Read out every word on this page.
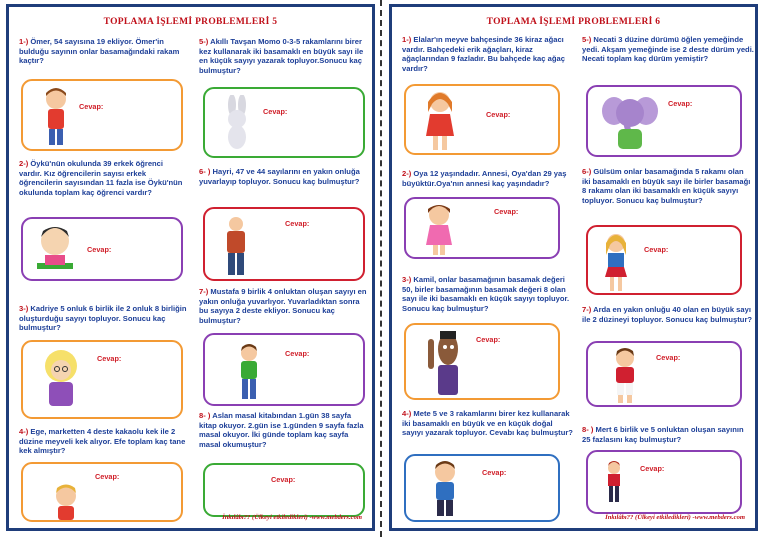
TOPLAMA İŞLEMİ PROBLEMLERİ 5
1-) Ömer, 54 sayısına 19 ekliyor. Ömer'in bulduğu sayının onlar basamağındaki rakam kaçtır?
Cevap:
2-) Öykü'nün okulunda 39 erkek öğrenci vardır. Kız öğrencilerin sayısı erkek öğrencilerin sayısından 11 fazla ise Öykü'nün okulunda toplam kaç öğrenci vardır?
Cevap:
3-) Kadriye 5 onluk 6 birlik ile 2 onluk 8 birliğin oluşturduğu sayıyı topluyor. Sonucu kaç bulmuştur?
Cevap:
4-) Ege, marketten 4 deste kakaolu kek ile 2 düzine meyveli kek alıyor. Efe toplam kaç tane kek almıştır?
Cevap:
5-) Akıllı Tavşan Momo 0-3-5 rakamlarını birer kez kullanarak iki basamaklı en büyük sayı ile en küçük sayıyı yazarak topluyor.Sonucu kaç bulmuştur?
Cevap:
6- ) Hayri, 47 ve 44 sayılarını en yakın onluğa yuvarlayıp topluyor. Sonucu kaç bulmuştur?
Cevap:
7-) Mustafa 9 birlik 4 onluktan oluşan sayıyı en yakın onluğa yuvarlıyor. Yuvarladıktan sonra bu sayıya 2 deste ekliyor. Sonucu kaç bulmuştur?
Cevap:
8- ) Aslan masal kitabından 1.gün 38 sayfa kitap okuyor. 2.gün ise 1.günden 9 sayfa fazla masal okuyor. İki günde toplam kaç sayfa masal okumuştur?
Cevap:
İnkılâbı?? (Ülkeyi etkiledikleri) -www.mebders.com
TOPLAMA İŞLEMİ PROBLEMLERİ 6
1-) Elalar'ın meyve bahçesinde 36 kiraz ağacı vardır. Bahçedeki erik ağaçları, kiraz ağaçlarından 9 fazladır. Bu bahçede kaç ağaç vardır?
Cevap:
2-) Oya 12 yaşındadır. Annesi, Oya'dan 29 yaş büyüktür.Oya'nın annesi kaç yaşındadır?
Cevap:
3-) Kamil, onlar basamağının basamak değeri 50, birler basamağının basamak değeri 8 olan sayı ile iki basamaklı en küçük sayıyı topluyor. Sonucu kaç bulmuştur?
Cevap:
4-) Mete 5 ve 3 rakamlarını birer kez kullanarak iki basamaklı en büyük ve en küçük doğal sayıyı yazarak topluyor. Cevabı kaç bulmuştur?
Cevap:
5-) Necati 3 düzine dürümü öğlen yemeğinde yedi. Akşam yemeğinde ise 2 deste dürüm yedi. Necati toplam kaç dürüm yemiştir?
Cevap:
6-) Gülsüm onlar basamağında 5 rakamı olan iki basamaklı en büyük sayı ile birler basamağı 8 rakamı olan iki basamaklı en küçük sayıyı topluyor. Sonucu kaç bulmuştur?
Cevap:
7-) Arda en yakın onluğu 40 olan en büyük sayı ile 2 düzineyi topluyor. Sonucu kaç bulmuştur?
Cevap:
8- ) Mert 6 birlik ve 5 onluktan oluşan sayının 25 fazlasını kaç bulmuştur?
Cevap:
İnkılâbı?? (Ülkeyi etkiledikleri) -www.mebders.com
